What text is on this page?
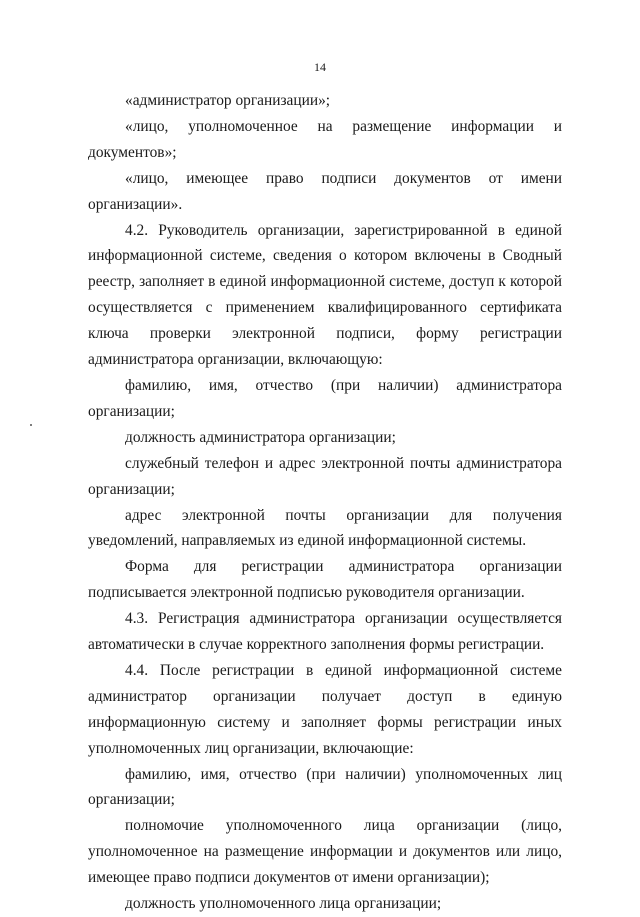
14

«администратор организации»;

«лицо, уполномоченное на размещение информации и документов»;

«лицо, имеющее право подписи документов от имени организации».

4.2. Руководитель организации, зарегистрированной в единой информационной системе, сведения о котором включены в Сводный реестр, заполняет в единой информационной системе, доступ к которой осуществляется с применением квалифицированного сертификата ключа проверки электронной подписи, форму регистрации администратора организации, включающую:

фамилию, имя, отчество (при наличии) администратора организации;

должность администратора организации;

служебный телефон и адрес электронной почты администратора организации;

адрес электронной почты организации для получения уведомлений, направляемых из единой информационной системы.

Форма для регистрации администратора организации подписывается электронной подписью руководителя организации.

4.3. Регистрация администратора организации осуществляется автоматически в случае корректного заполнения формы регистрации.

4.4. После регистрации в единой информационной системе администратор организации получает доступ в единую информационную систему и заполняет формы регистрации иных уполномоченных лиц организации, включающие:

фамилию, имя, отчество (при наличии) уполномоченных лиц организации;

полномочие уполномоченного лица организации (лицо, уполномоченное на размещение информации и документов или лицо, имеющее право подписи документов от имени организации);

должность уполномоченного лица организации;
